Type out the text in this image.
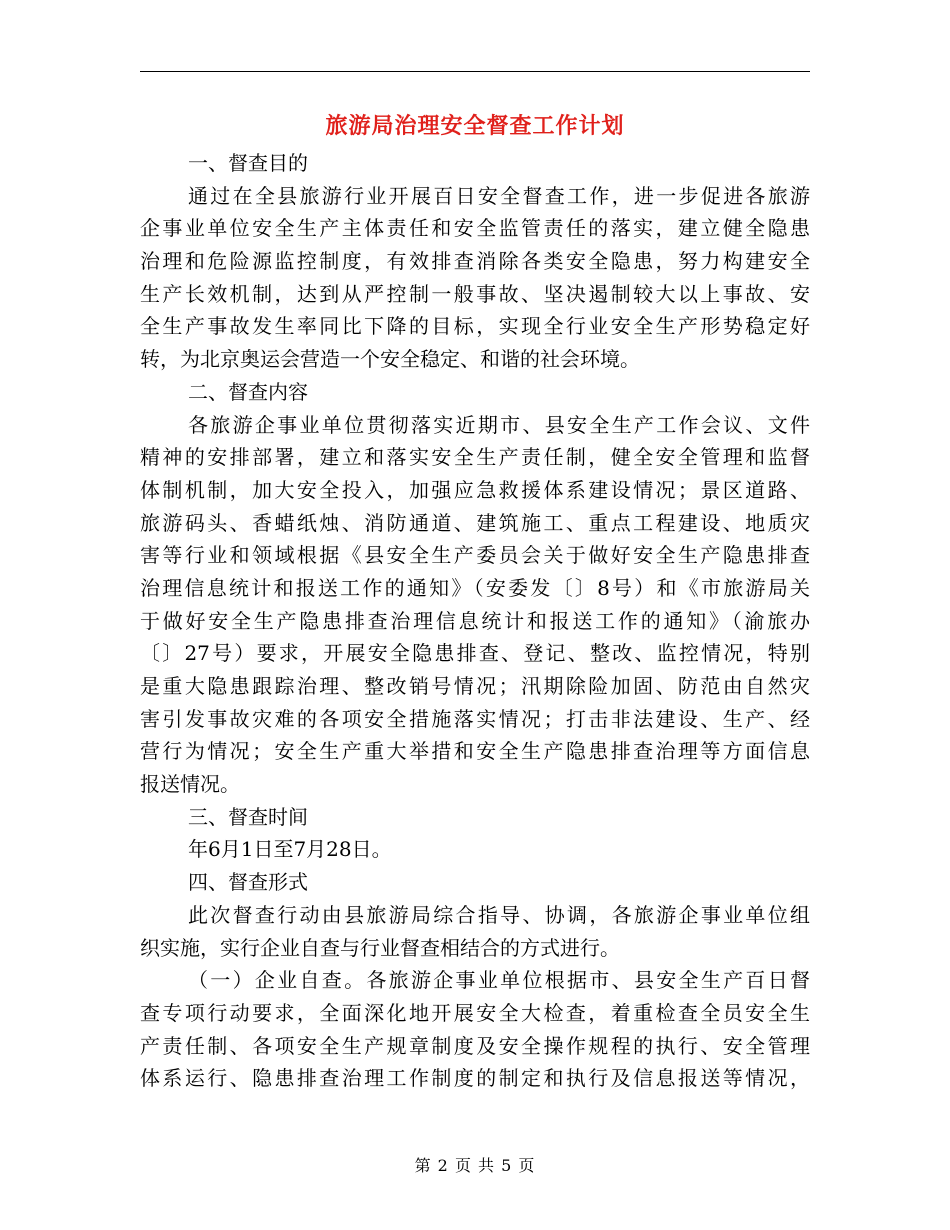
旅游局治理安全督查工作计划
一、督查目的
通过在全县旅游行业开展百日安全督查工作，进一步促进各旅游
企事业单位安全生产主体责任和安全监管责任的落实，建立健全隐患
治理和危险源监控制度，有效排查消除各类安全隐患，努力构建安全
生产长效机制，达到从严控制一般事故、坚决遏制较大以上事故、安
全生产事故发生率同比下降的目标，实现全行业安全生产形势稳定好
转，为北京奥运会营造一个安全稳定、和谐的社会环境。
二、督查内容
各旅游企事业单位贯彻落实近期市、县安全生产工作会议、文件
精神的安排部署，建立和落实安全生产责任制，健全安全管理和监督
体制机制，加大安全投入，加强应急救援体系建设情况；景区道路、
旅游码头、香蜡纸烛、消防通道、建筑施工、重点工程建设、地质灾
害等行业和领域根据《县安全生产委员会关于做好安全生产隐患排查
治理信息统计和报送工作的通知》（安委发〔〕8号）和《市旅游局关
于做好安全生产隐患排查治理信息统计和报送工作的通知》（渝旅办
〔〕27号）要求，开展安全隐患排查、登记、整改、监控情况，特别
是重大隐患跟踪治理、整改销号情况；汛期除险加固、防范由自然灾
害引发事故灾难的各项安全措施落实情况；打击非法建设、生产、经
营行为情况；安全生产重大举措和安全生产隐患排查治理等方面信息
报送情况。
三、督查时间
年6月1日至7月28日。
四、督查形式
此次督查行动由县旅游局综合指导、协调，各旅游企事业单位组
织实施，实行企业自查与行业督查相结合的方式进行。
（一）企业自查。各旅游企事业单位根据市、县安全生产百日督
查专项行动要求，全面深化地开展安全大检查，着重检查全员安全生
产责任制、各项安全生产规章制度及安全操作规程的执行、安全管理
体系运行、隐患排查治理工作制度的制定和执行及信息报送等情况，
第 2 页 共 5 页
